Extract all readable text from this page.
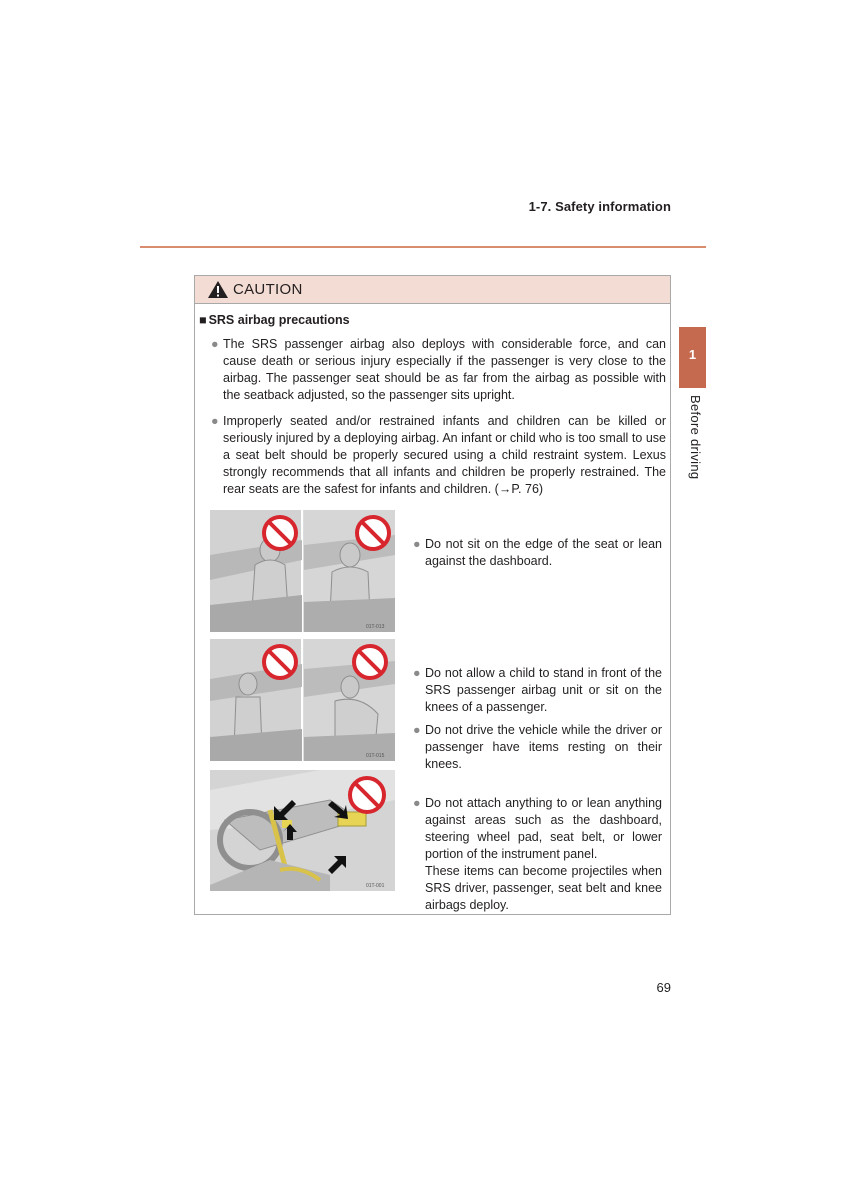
1-7. Safety information
1
Before driving
CAUTION
■ SRS airbag precautions
● The SRS passenger airbag also deploys with considerable force, and can cause death or serious injury especially if the passenger is very close to the airbag. The passenger seat should be as far from the airbag as possible with the seatback adjusted, so the passenger sits upright.
● Improperly seated and/or restrained infants and children can be killed or seriously injured by a deploying airbag. An infant or child who is too small to use a seat belt should be properly secured using a child restraint system. Lexus strongly recommends that all infants and children be properly restrained. The rear seats are the safest for infants and children. (→P. 76)
01T-013
● Do not sit on the edge of the seat or lean against the dashboard.
01T-015
● Do not allow a child to stand in front of the SRS passenger airbag unit or sit on the knees of a passenger.
● Do not drive the vehicle while the driver or passenger have items resting on their knees.
01T-001
● Do not attach anything to or lean anything against areas such as the dashboard, steering wheel pad, seat belt, or lower portion of the instrument panel.
These items can become projectiles when SRS driver, passenger, seat belt and knee airbags deploy.
69
